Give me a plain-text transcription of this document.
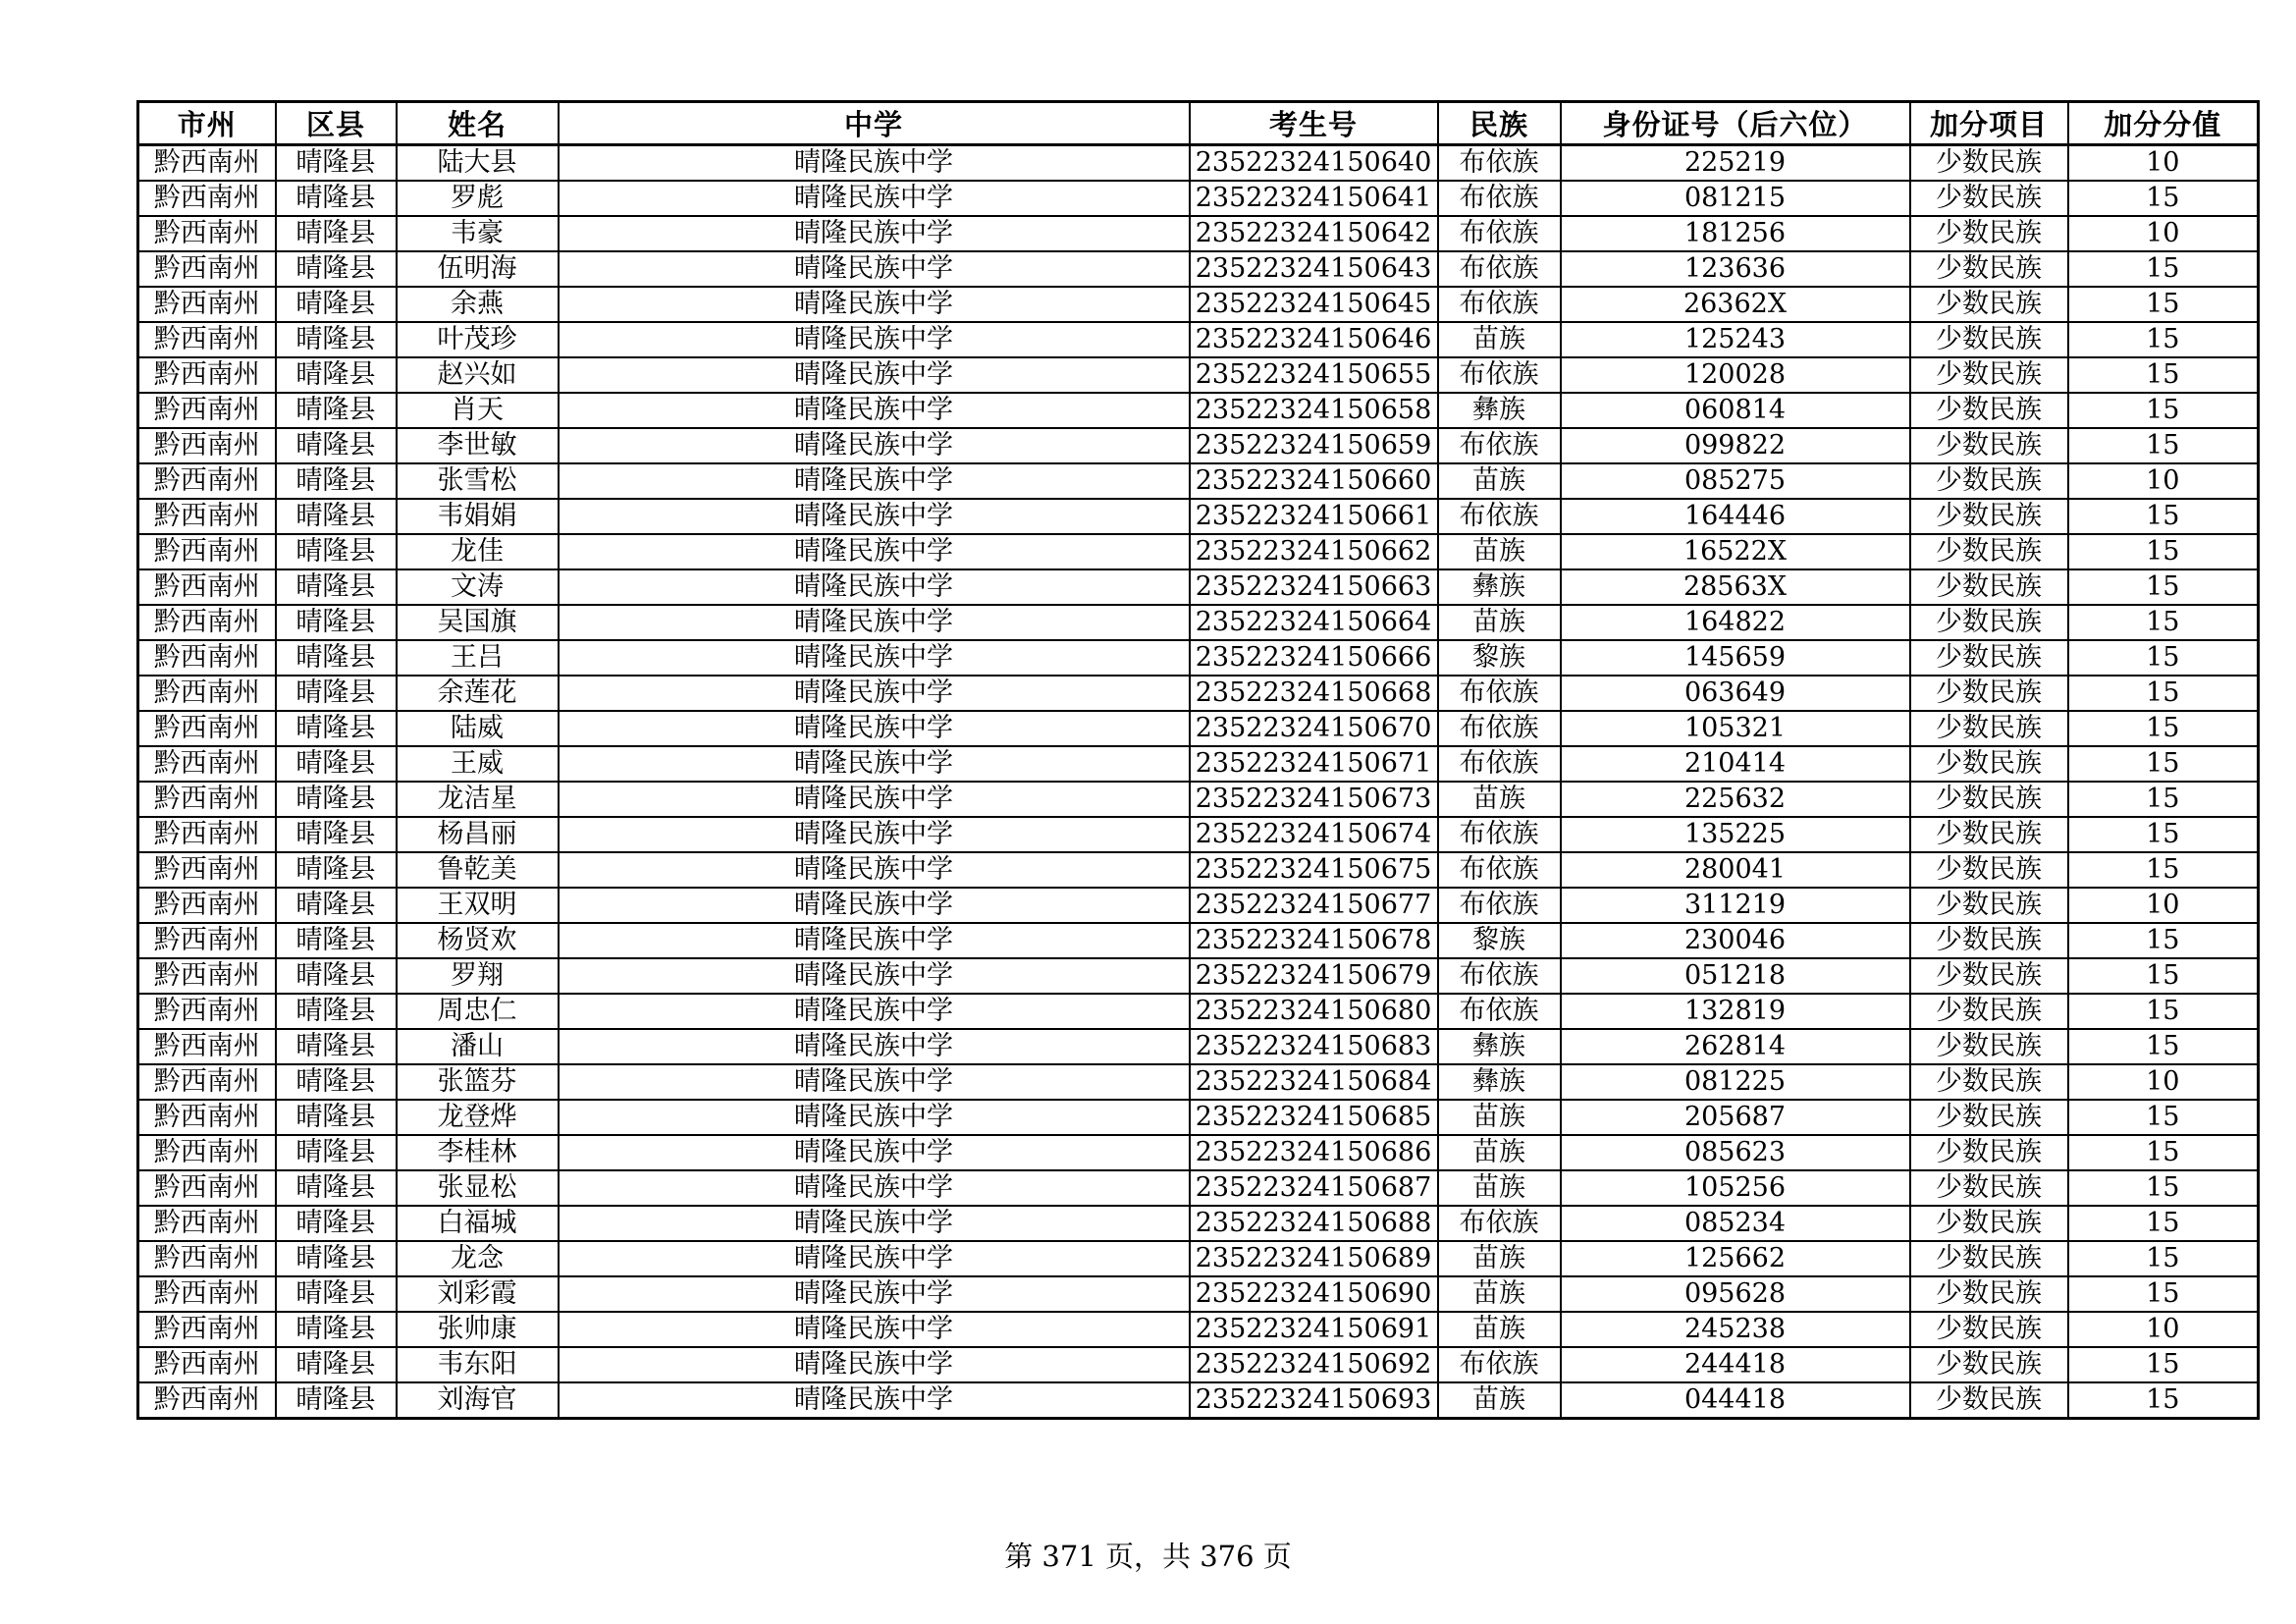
市州	区县	姓名	中学	考生号	民族	身份证号（后六位）	加分项目	加分分值
黔西南州	晴隆县	陆大县	晴隆民族中学	23522324150640	布依族	225219	少数民族	10
黔西南州	晴隆县	罗彪	晴隆民族中学	23522324150641	布依族	081215	少数民族	15
黔西南州	晴隆县	韦豪	晴隆民族中学	23522324150642	布依族	181256	少数民族	10
黔西南州	晴隆县	伍明海	晴隆民族中学	23522324150643	布依族	123636	少数民族	15
黔西南州	晴隆县	余燕	晴隆民族中学	23522324150645	布依族	26362X	少数民族	15
黔西南州	晴隆县	叶茂珍	晴隆民族中学	23522324150646	苗族	125243	少数民族	15
黔西南州	晴隆县	赵兴如	晴隆民族中学	23522324150655	布依族	120028	少数民族	15
黔西南州	晴隆县	肖天	晴隆民族中学	23522324150658	彝族	060814	少数民族	15
黔西南州	晴隆县	李世敏	晴隆民族中学	23522324150659	布依族	099822	少数民族	15
黔西南州	晴隆县	张雪松	晴隆民族中学	23522324150660	苗族	085275	少数民族	10
黔西南州	晴隆县	韦娟娟	晴隆民族中学	23522324150661	布依族	164446	少数民族	15
黔西南州	晴隆县	龙佳	晴隆民族中学	23522324150662	苗族	16522X	少数民族	15
黔西南州	晴隆县	文涛	晴隆民族中学	23522324150663	彝族	28563X	少数民族	15
黔西南州	晴隆县	吴国旗	晴隆民族中学	23522324150664	苗族	164822	少数民族	15
黔西南州	晴隆县	王吕	晴隆民族中学	23522324150666	黎族	145659	少数民族	15
黔西南州	晴隆县	余莲花	晴隆民族中学	23522324150668	布依族	063649	少数民族	15
黔西南州	晴隆县	陆威	晴隆民族中学	23522324150670	布依族	105321	少数民族	15
黔西南州	晴隆县	王威	晴隆民族中学	23522324150671	布依族	210414	少数民族	15
黔西南州	晴隆县	龙洁星	晴隆民族中学	23522324150673	苗族	225632	少数民族	15
黔西南州	晴隆县	杨昌丽	晴隆民族中学	23522324150674	布依族	135225	少数民族	15
黔西南州	晴隆县	鲁乾美	晴隆民族中学	23522324150675	布依族	280041	少数民族	15
黔西南州	晴隆县	王双明	晴隆民族中学	23522324150677	布依族	311219	少数民族	10
黔西南州	晴隆县	杨贤欢	晴隆民族中学	23522324150678	黎族	230046	少数民族	15
黔西南州	晴隆县	罗翔	晴隆民族中学	23522324150679	布依族	051218	少数民族	15
黔西南州	晴隆县	周忠仁	晴隆民族中学	23522324150680	布依族	132819	少数民族	15
黔西南州	晴隆县	潘山	晴隆民族中学	23522324150683	彝族	262814	少数民族	15
黔西南州	晴隆县	张篮芬	晴隆民族中学	23522324150684	彝族	081225	少数民族	10
黔西南州	晴隆县	龙登烨	晴隆民族中学	23522324150685	苗族	205687	少数民族	15
黔西南州	晴隆县	李桂林	晴隆民族中学	23522324150686	苗族	085623	少数民族	15
黔西南州	晴隆县	张显松	晴隆民族中学	23522324150687	苗族	105256	少数民族	15
黔西南州	晴隆县	白福城	晴隆民族中学	23522324150688	布依族	085234	少数民族	15
黔西南州	晴隆县	龙念	晴隆民族中学	23522324150689	苗族	125662	少数民族	15
黔西南州	晴隆县	刘彩霞	晴隆民族中学	23522324150690	苗族	095628	少数民族	15
黔西南州	晴隆县	张帅康	晴隆民族中学	23522324150691	苗族	245238	少数民族	10
黔西南州	晴隆县	韦东阳	晴隆民族中学	23522324150692	布依族	244418	少数民族	15
黔西南州	晴隆县	刘海官	晴隆民族中学	23522324150693	苗族	044418	少数民族	15
第 371 页，共 376 页
